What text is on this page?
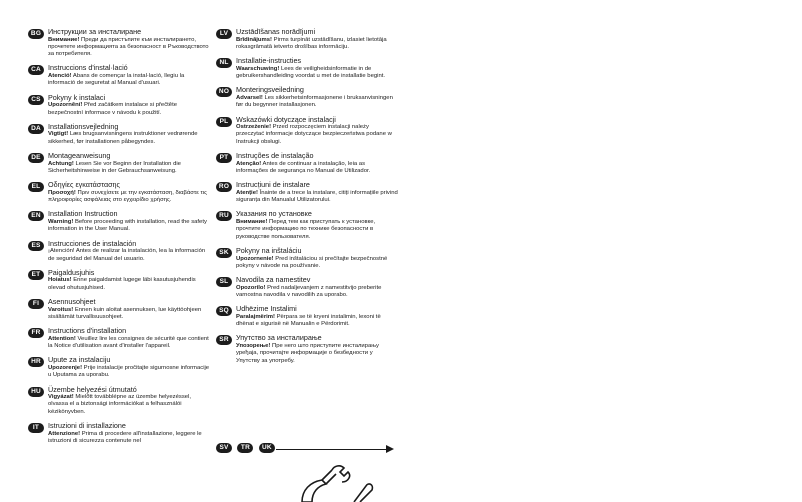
BG Инструкции за инсталиране
Внимание! Преди да пристъпите към инсталирането, прочетете информацията за безопасност в Ръководството за потребителя.
CA Instruccions d'instal·lació
Atenció! Abans de començar la instal·lació, llegiu la informació de seguretat al Manual d'usuari.
CS	Pokyny k instalaci
Upozornění! Před začátkem instalace si přečtěte bezpečnostní informace v návodu k použití.
DA Installationsvejledning
Vigtigt! Læs brugsanvisningens instruktioner vedrørende sikkerhed, før installationen påbegyndes.
DE	Montageanweisung
Achtung! Lesen Sie vor Beginn der Installation die Sicherheitshinweise in der Gebrauchsanweisung.
EL	Οδηγίες εγκατάστασης
Προσοχή! Πριν συνεχίσετε με την εγκατάσταση, διαβάστε τις πληροφορίες ασφάλειας στο εγχειρίδιο χρήσης.
EN	Installation Instruction
Warning! Before proceeding with installation, read the safety information in the User Manual.
ES	Instrucciones de instalación
¡Atención! Antes de realizar la instalación, lea la información de seguridad del Manual del usuario.
ET	Paigaldusjuhis
Hoiatus! Enne paigaldamist lugege läbi kasutusjuhendis olevad ohutusjuhised.
FI	Asennusohjeet
Varoitus! Ennen kuin aloitat asennuksen, lue käyttöohjeen sisältämät turvallisuusohjeet.
FR	Instructions d'installation
Attention! Veuillez lire les consignes de sécurité que contient la Notice d'utilisation avant d'installer l'appareil.
HR Upute za instalaciju
Upozorenje! Prije instalacije pročitajte sigurnosne informacije u Uputama za uporabu.
HU Üzembe helyezési útmutató
Vigyázat! Mielőtt továbblépne az üzembe helyezéssel, olvassa el a biztonsági információkat a felhasználói kézikönyvben.
IT	Istruzioni di installazione
Attenzione! Prima di procedere all'installazione, leggere le istruzioni di sicurezza contenute nel
LV	Uzstādīšanas norādījumi
Brīdinājums! Pirms turpināt uzstādīšanu, izlasiet lietotāja rokasgrāmatā ietverto drošības informāciju.
NL	Installatie-instructies
Waarschuwing! Lees de veiligheidsinformatie in de gebruikershandleiding voordat u met de installatie begint.
NO Monteringsveiledning
Advarsel! Les sikkerhetsinformasjonene i bruksanvisningen før du begynner installasjonen.
PL	Wskazówki dotyczące instalacji
Ostrzeżenie! Przed rozpoczęciem instalacji należy przeczytać informacje dotyczące bezpieczeństwa podane w Instrukcji obsługi.
PT	Instruções de instalação
Atenção! Antes de continuar a instalação, leia as informações de segurança no Manual de Utilizador.
RO Instrucțiuni de instalare
Atenție! Înainte de a trece la instalare, citiți informațiile privind siguranța din Manualul Utilizatorului.
RU Указания по установке
Внимание! Перед тем как приступать к установке, прочтите информацию по технике безопасности в руководстве пользователя.
SK	Pokyny na inštaláciu
Upozornenie! Pred inštaláciou si prečítajte bezpečnostné pokyny v návode na používanie.
SL	Navodila za namestitev
Opozorilo! Pred nadaljevanjem z namestitvijo preberite varnostna navodila v navodilih za uporabo.
SQ Udhëzime Instalimi
Paralajmërim! Përpara se të kryeni instalimin, lexoni të dhënat e sigurisë në Manualin e Përdorimit.
SR	Упутство за инсталирање
Упозорење! Пре него што приступите инсталирању уређаја, прочитајте информације о безбедности у Упутству за употребу.
SV TR UK
